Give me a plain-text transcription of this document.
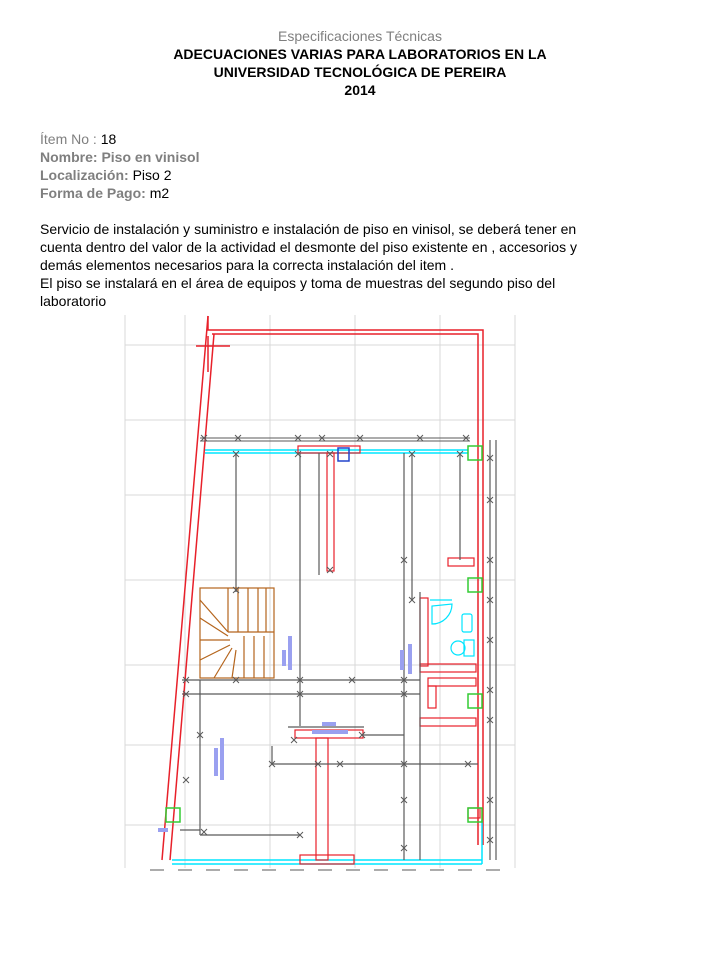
Especificaciones Técnicas
ADECUACIONES VARIAS PARA LABORATORIOS EN LA
UNIVERSIDAD TECNOLÓGICA DE PEREIRA
2014
Ítem No : 18
Nombre: Piso en vinisol
Localización: Piso 2
Forma de Pago: m2
Servicio de instalación y suministro e instalación de piso en vinisol, se deberá tener en
cuenta dentro del valor de la actividad el desmonte del piso existente en , accesorios y
demás elementos necesarios para la correcta instalación del item .
El piso se instalará en el área de equipos y toma de muestras del segundo piso del
laboratorio
